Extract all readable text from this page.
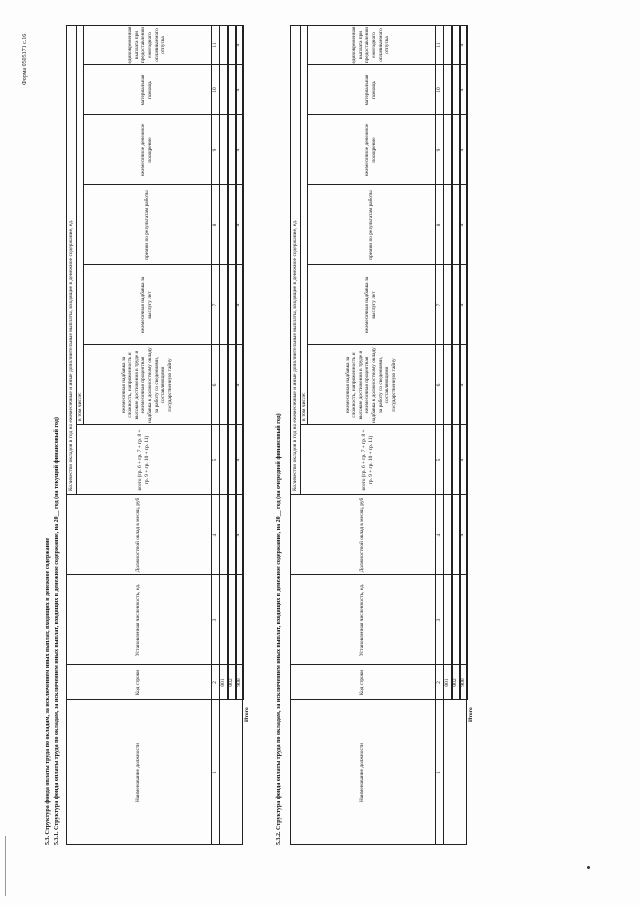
Форма 0505171 с.16
5.3. Структура фонда оплаты труда по окладам, за исключением иных выплат, входящих в денежное содержание 5.3.1. Структура фонда оплаты труда по окладам, за исключением иных выплат, входящих в денежное содержание, на 20__ год (на текущий финансовый год)
Количество окладов в год на ежемесячные и иные дополнительные выплаты, входящие в денежное содержание, ед. в том числе:
Наименование должности
Код строки
Установленная численность, ед.
Должностной оклад в месяц, руб
всего (гр. 6 + гр. 7 + гр. 8 + гр. 9 + гр. 10 + гр. 11)
ежемесячная надбавка за сложность, напряженность и высокие достижения в труде и ежемесячная процентная надбавка к должностному окладу за работу со сведениями, составляющими государственную тайну
ежемесячная надбавка за выслугу лет
премии по результатам работы
ежемесячное денежное поощрение
материальная помощь
единовременная выплата при предоставлении ежегодного оплачиваемого отпуска
1
2
3
4
5
6
7
8
9
10
11
001 002 900
x
x
x
x
x
x
x
x
Итого	5.3.2. Структура фонда оплаты труда по окладам, за исключением иных выплат, входящих в денежное содержание, на 20__ год (на очередной финансовый год)
Количество окладов в год на ежемесячные и иные дополнительные выплаты, входящие в денежное содержание, ед. в том числе:
Наименование должности
Код строки
Установленная численность, ед.
Должностной оклад в месяц, руб
всего (гр. 6 + гр. 7 + гр. 8 + гр. 9 + гр. 10 + гр. 11)
ежемесячная надбавка за сложность, напряженность и высокие достижения в труде и ежемесячная процентная надбавка к должностному окладу за работу со сведениями, составляющими государственную тайну
ежемесячная надбавка за выслугу лет
премии по результатам работы
ежемесячное денежное поощрение
материальная помощь
единовременная выплата при предоставлении ежегодного оплачиваемого отпуска
1
2
3
4
5
6
7
8
9
10
11
001 002 900
x
x
x
x
x
x
x
x
Итого
